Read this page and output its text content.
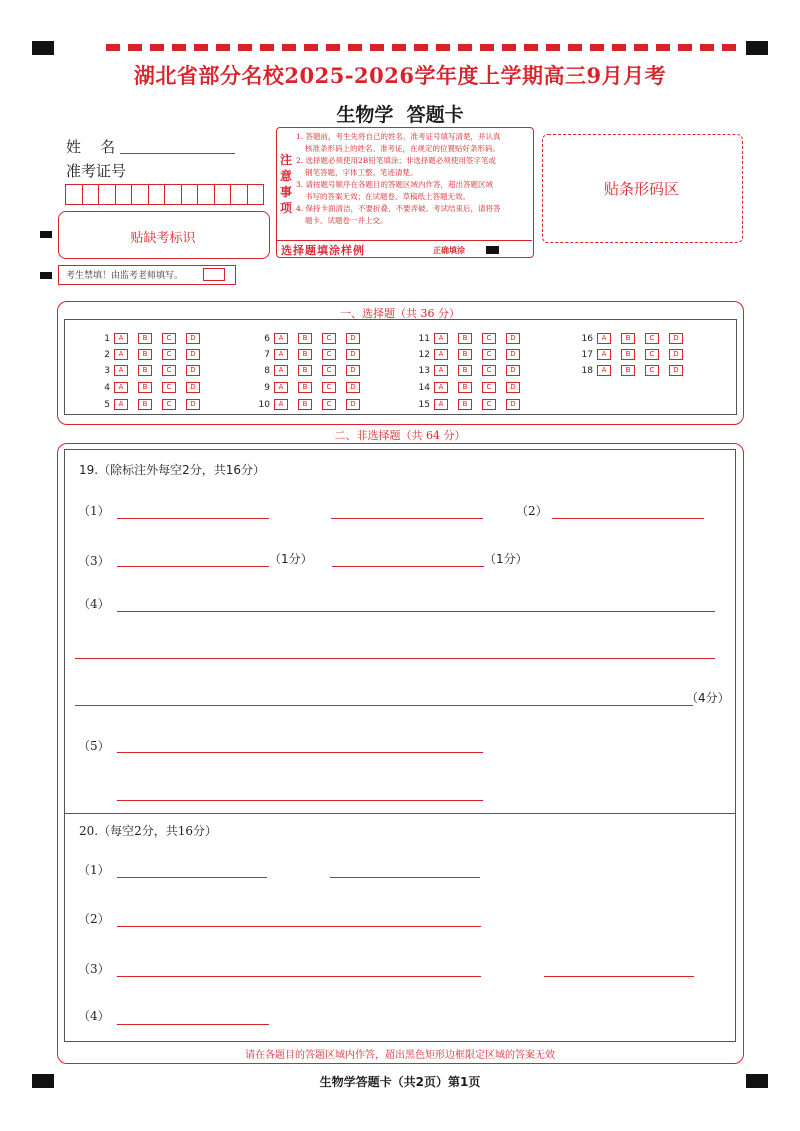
湖北省部分名校2025-2026学年度上学期高三9月月考
生物学  答题卡
姓    名
准考证号
贴缺考标识
考生禁填！由监考老师填写。
注
意
事
项
1. 答题前，考生先将自己的姓名、准考证号填写清楚，并认真
核准条形码上的姓名、准考证，在规定的位置贴好条形码。
2. 选择题必须使用2B铅笔填涂；非选择题必须使用签字笔或
钢笔答题，字体工整、笔迹清楚。
3. 请按题号顺序在各题目的答题区域内作答，超出答题区域
书写的答案无效；在试题卷、草稿纸上答题无效。
4. 保持卡面清洁，不要折叠、不要弄破。考试结束后，请将答
题卡、试题卷一并上交。
选择题填涂样例	正确填涂
贴条形码区
一、选择题（共 36 分）
1 A	B	C	D
2 A	B	C	D
3 A	B	C	D
4 A	B	C	D
5 A	B	C	D
6 A	B	C	D
7 A	B	C	D
8 A	B	C	D
9 A	B	C	D
10 A	B	C	D
11 A	B	C	D
12 A	B	C	D
13 A	B	C	D
14 A	B	C	D
15 A	B	C	D
16 A	B	C	D
17 A	B	C	D
18 A	B	C	D
二、非选择题（共 64 分）
19.（除标注外每空2分，共16分）
（1）	（2）
（3）	（1分）	（1分）
（4）
（4分）
（5）
20.（每空2分，共16分）
（1）
（2）
（3）
（4）
请在各题目的答题区域内作答，超出黑色矩形边框限定区域的答案无效
生物学答题卡（共2页）第1页
